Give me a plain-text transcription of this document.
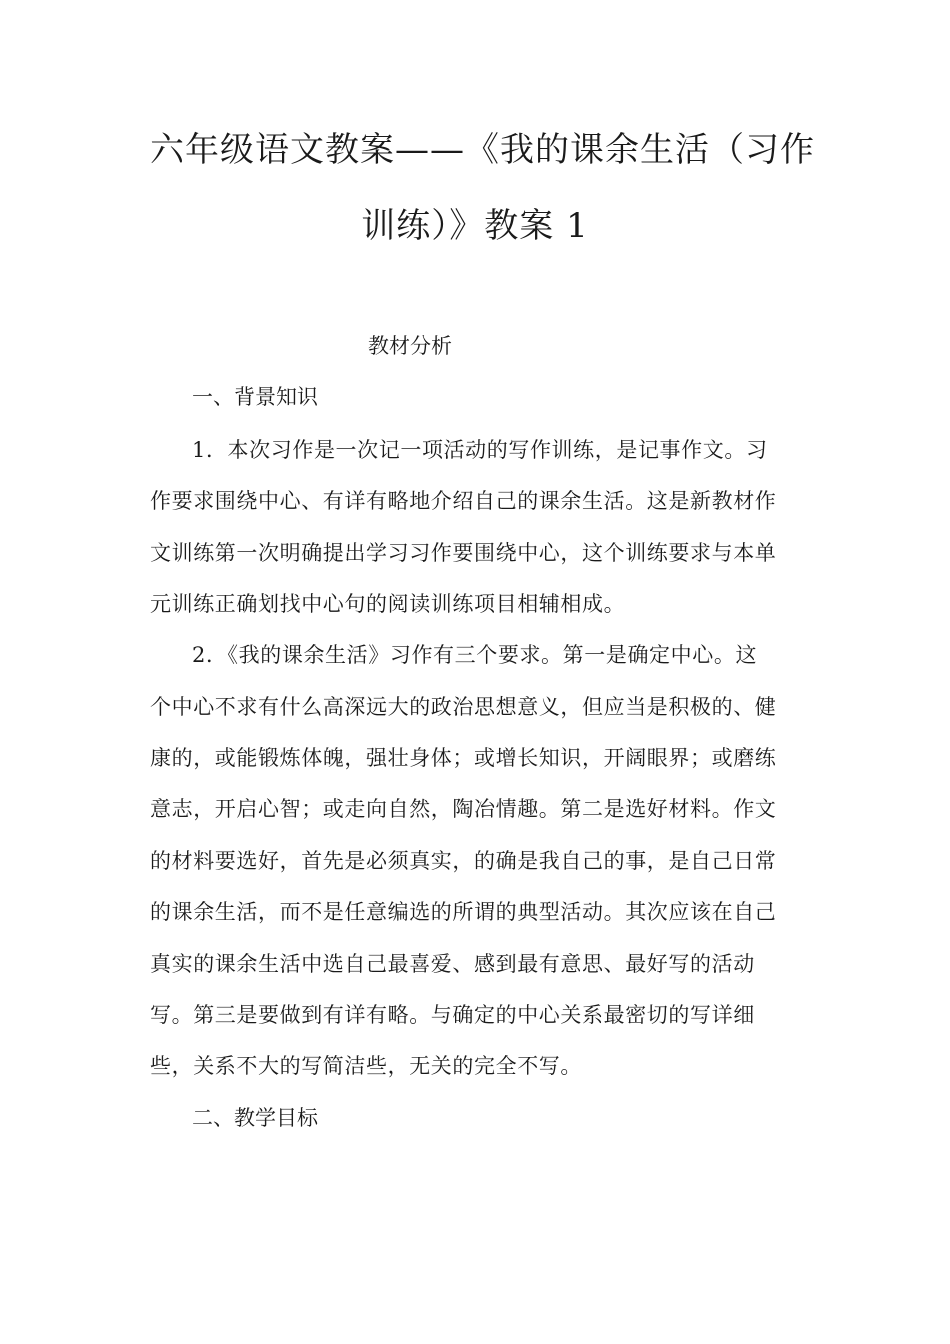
六年级语文教案——《我的课余生活（习作
训练）》教案 1
教材分析
一、背景知识
1．本次习作是一次记一项活动的写作训练，是记事作文。习
作要求围绕中心、有详有略地介绍自己的课余生活。这是新教材作
文训练第一次明确提出学习习作要围绕中心，这个训练要求与本单
元训练正确划找中心句的阅读训练项目相辅相成。
2．《我的课余生活》习作有三个要求。第一是确定中心。这
个中心不求有什么高深远大的政治思想意义，但应当是积极的、健
康的，或能锻炼体魄，强壮身体；或增长知识，开阔眼界；或磨练
意志，开启心智；或走向自然，陶冶情趣。第二是选好材料。作文
的材料要选好，首先是必须真实，的确是我自己的事，是自己日常
的课余生活，而不是任意编选的所谓的典型活动。其次应该在自己
真实的课余生活中选自己最喜爱、感到最有意思、最好写的活动
写。第三是要做到有详有略。与确定的中心关系最密切的写详细
些，关系不大的写简洁些，无关的完全不写。
二、教学目标
